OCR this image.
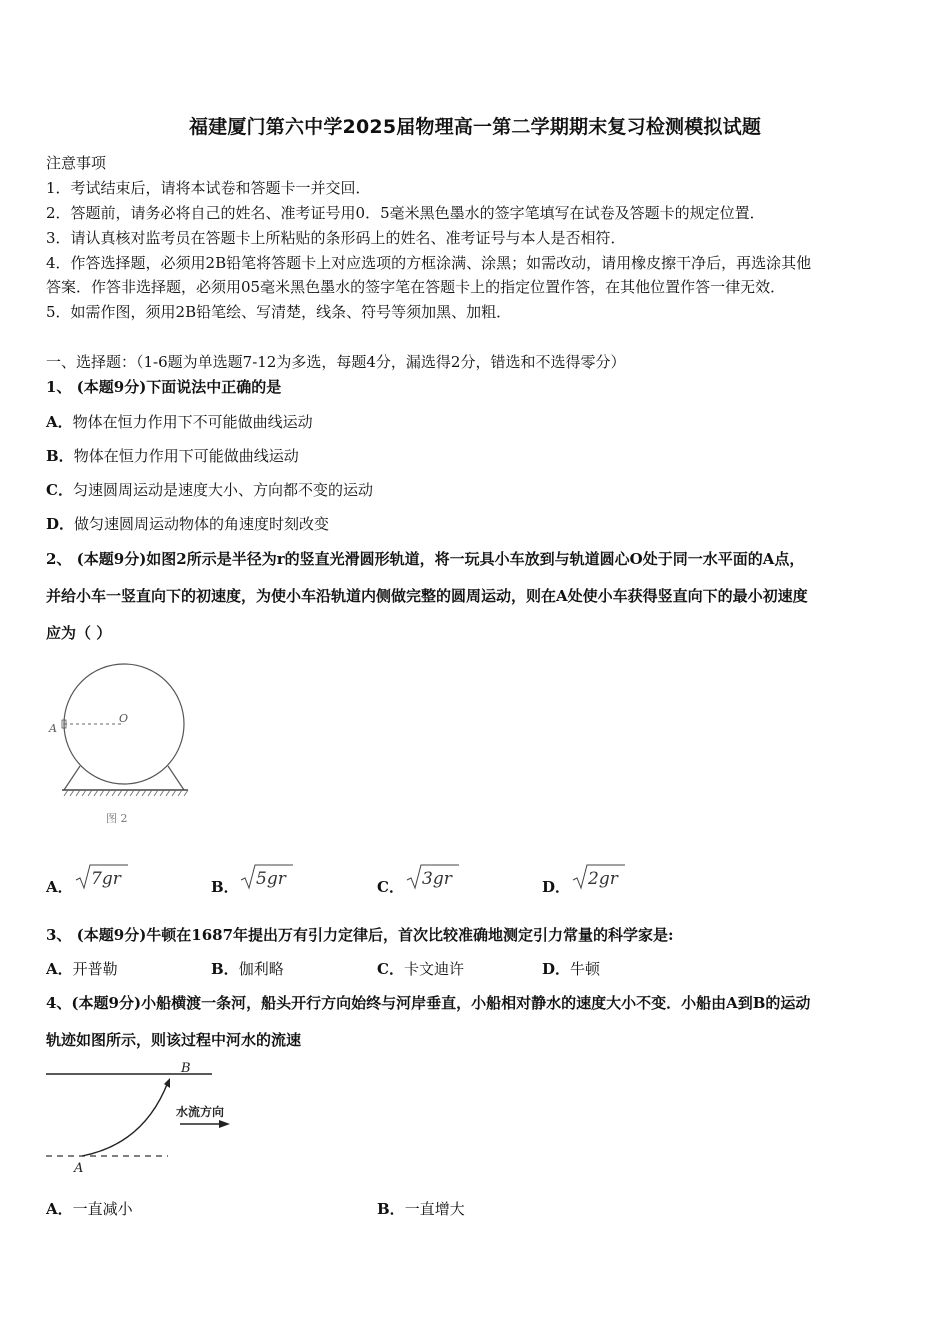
福建厦门第六中学2025届物理高一第二学期期末复习检测模拟试题
注意事项
1．考试结束后，请将本试卷和答题卡一并交回．
2．答题前，请务必将自己的姓名、准考证号用0．5毫米黑色墨水的签字笔填写在试卷及答题卡的规定位置．
3．请认真核对监考员在答题卡上所粘贴的条形码上的姓名、准考证号与本人是否相符．
4．作答选择题，必须用2B铅笔将答题卡上对应选项的方框涂满、涂黑；如需改动，请用橡皮擦干净后，再选涂其他
答案．作答非选择题，必须用05毫米黑色墨水的签字笔在答题卡上的指定位置作答，在其他位置作答一律无效．
5．如需作图，须用2B铅笔绘、写清楚，线条、符号等须加黑、加粗．
一、选择题：（1-6题为单选题7-12为多选，每题4分，漏选得2分，错选和不选得零分）
1、 (本题9分)下面说法中正确的是
A．物体在恒力作用下不可能做曲线运动
B．物体在恒力作用下可能做曲线运动
C．匀速圆周运动是速度大小、方向都不变的运动
D．做匀速圆周运动物体的角速度时刻改变
2、 (本题9分)如图2所示是半径为r的竖直光滑圆形轨道，将一玩具小车放到与轨道圆心O处于同一水平面的A点，
并给小车一竖直向下的初速度，为使小车沿轨道内侧做完整的圆周运动，则在A处使小车获得竖直向下的最小初速度
应为（ ）
A
O
图 2
A． 7gr	B． 5gr	C． 3gr	D． 2gr
3、 (本题9分)牛顿在1687年提出万有引力定律后，首次比较准确地测定引力常量的科学家是:
A．开普勒	B．伽利略	C．卡文迪许	D．牛顿
4、(本题9分)小船横渡一条河，船头开行方向始终与河岸垂直，小船相对静水的速度大小不变．小船由A到B的运动
轨迹如图所示，则该过程中河水的流速
水流方向
B
A
A．一直减小	B．一直增大
